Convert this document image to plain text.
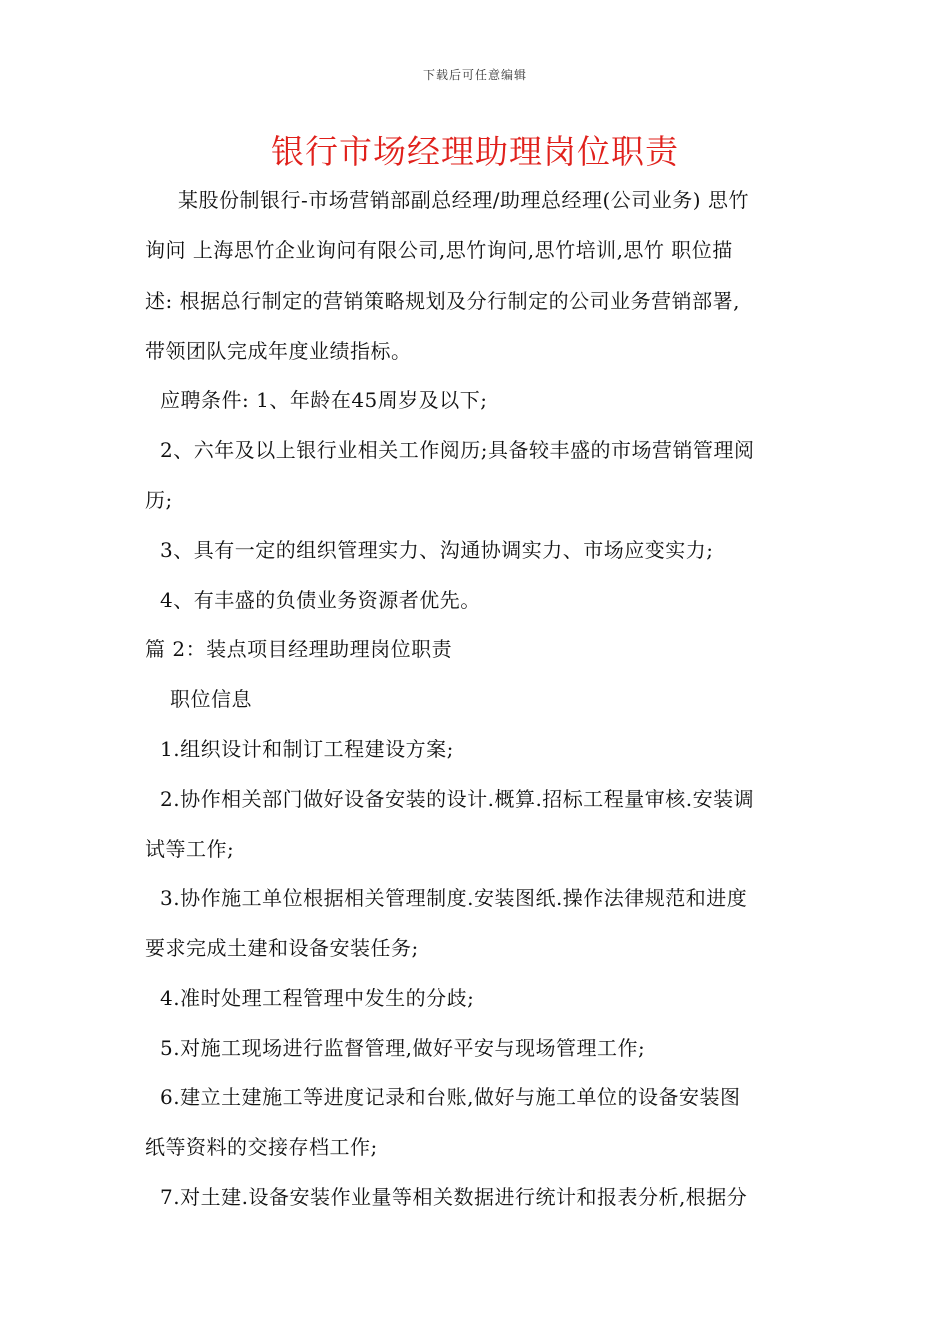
下载后可任意编辑
银行市场经理助理岗位职责
某股份制银行-市场营销部副总经理/助理总经理(公司业务) 思竹
询问 上海思竹企业询问有限公司,思竹询问,思竹培训,思竹 职位描
述: 根据总行制定的营销策略规划及分行制定的公司业务营销部署,
带领团队完成年度业绩指标。
应聘条件: 1、年龄在45周岁及以下;
2、六年及以上银行业相关工作阅历;具备较丰盛的市场营销管理阅
历;
3、具有一定的组织管理实力、沟通协调实力、市场应变实力;
4、有丰盛的负债业务资源者优先。
篇 2：装点项目经理助理岗位职责
职位信息
1.组织设计和制订工程建设方案;
2.协作相关部门做好设备安装的设计.概算.招标工程量审核.安装调
试等工作;
3.协作施工单位根据相关管理制度.安装图纸.操作法律规范和进度
要求完成土建和设备安装任务;
4.准时处理工程管理中发生的分歧;
5.对施工现场进行监督管理,做好平安与现场管理工作;
6.建立土建施工等进度记录和台账,做好与施工单位的设备安装图
纸等资料的交接存档工作;
7.对土建.设备安装作业量等相关数据进行统计和报表分析,根据分
